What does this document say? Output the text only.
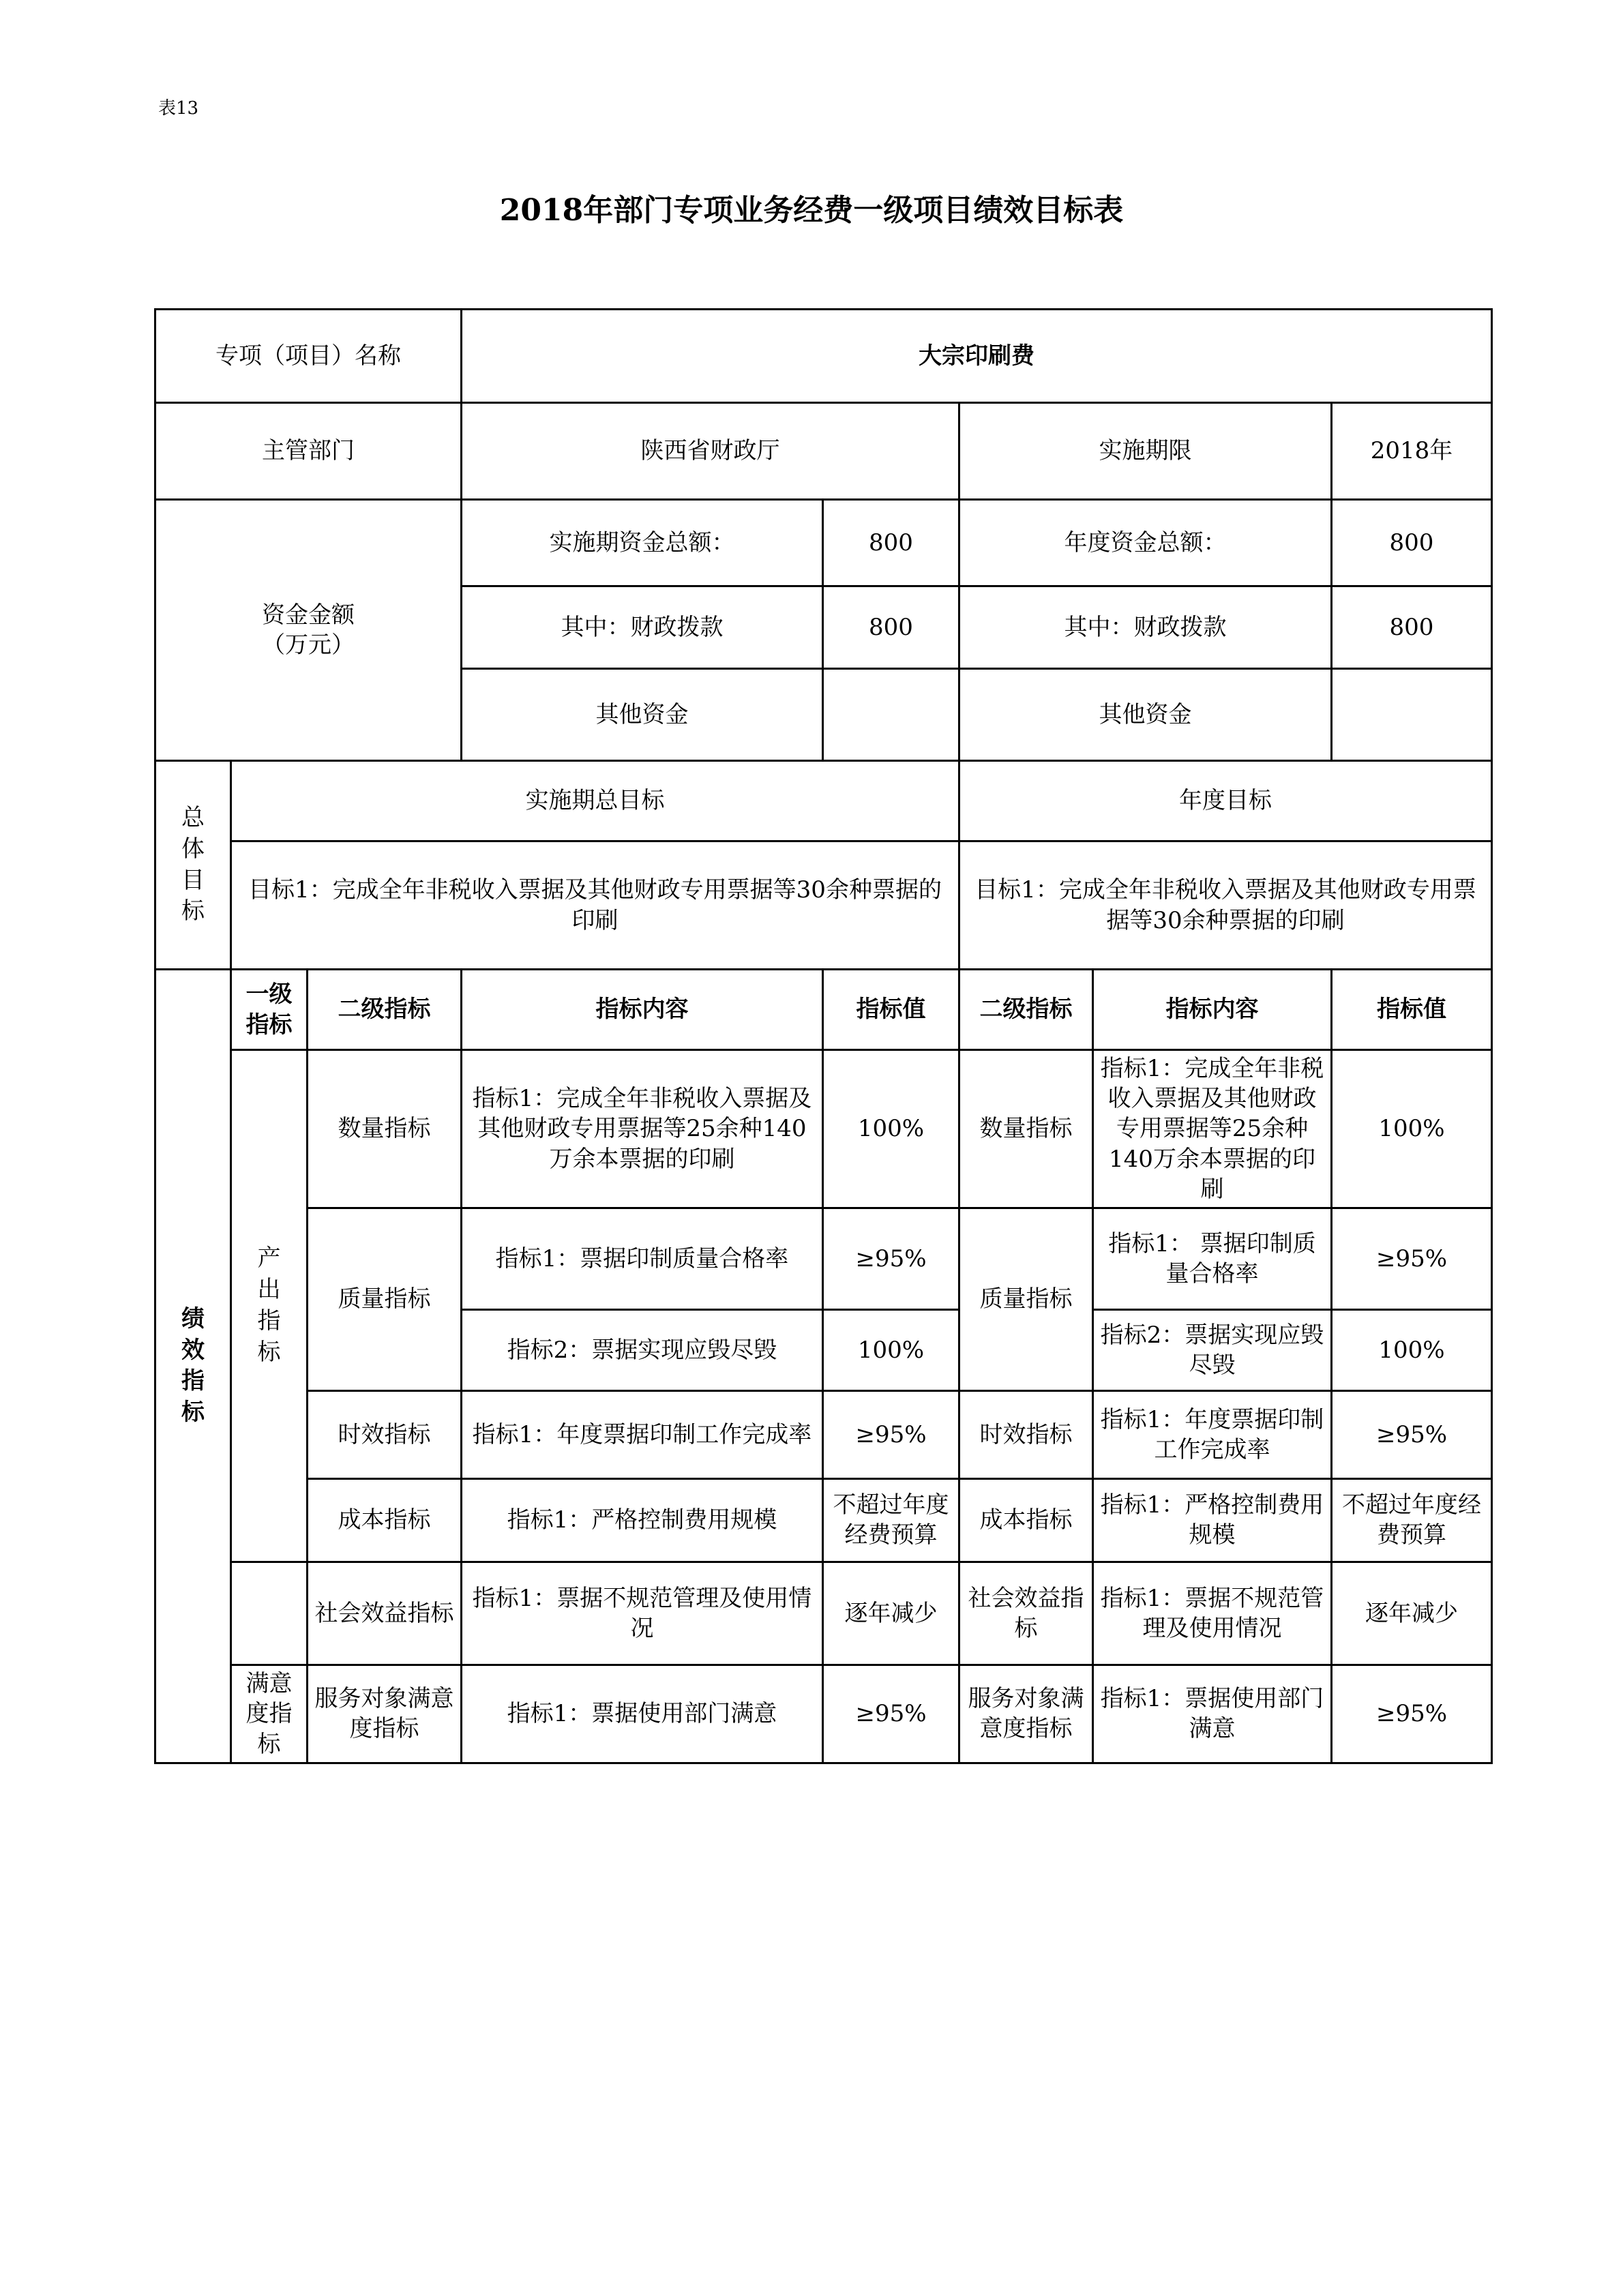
表13
2018年部门专项业务经费一级项目绩效目标表
专项（项目）名称			大宗印刷费				
主管部门			陕西省财政厅		实施期限		2018年
资金金额
（万元）			实施期资金总额：	800	年度资金总额：		800
			其中：财政拨款	800	其中：财政拨款		800
			其他资金		其他资金		
总体目标	实施期总目标				年度目标		
	目标1：完成全年非税收入票据及其他财政专用票据等30余种票据的印刷				目标1：完成全年非税收入票据及其他财政专用票据等30余种票据的印刷		
绩效指标	一级指标	二级指标	指标内容	指标值	二级指标	指标内容	指标值
	产出指标	数量指标	指标1：完成全年非税收入票据及其他财政专用票据等25余种140万余本票据的印刷	100%	数量指标	指标1：完成全年非税收入票据及其他财政专用票据等25余种140万余本票据的印刷	100%
		质量指标	指标1：票据印制质量合格率	≥95%	质量指标	指标1： 票据印制质量合格率	≥95%
			指标2：票据实现应毁尽毁	100%		指标2：票据实现应毁尽毁	100%
		时效指标	指标1：年度票据印制工作完成率	≥95%	时效指标	指标1：年度票据印制工作完成率	≥95%
		成本指标	指标1：严格控制费用规模	不超过年度经费预算	成本指标	指标1：严格控制费用规模	不超过年度经费预算
		社会效益指标	指标1：票据不规范管理及使用情况	逐年减少	社会效益指标	指标1：票据不规范管理及使用情况	逐年减少
	满意度指标	服务对象满意度指标	指标1：票据使用部门满意	≥95%	服务对象满意度指标	指标1：票据使用部门满意	≥95%
